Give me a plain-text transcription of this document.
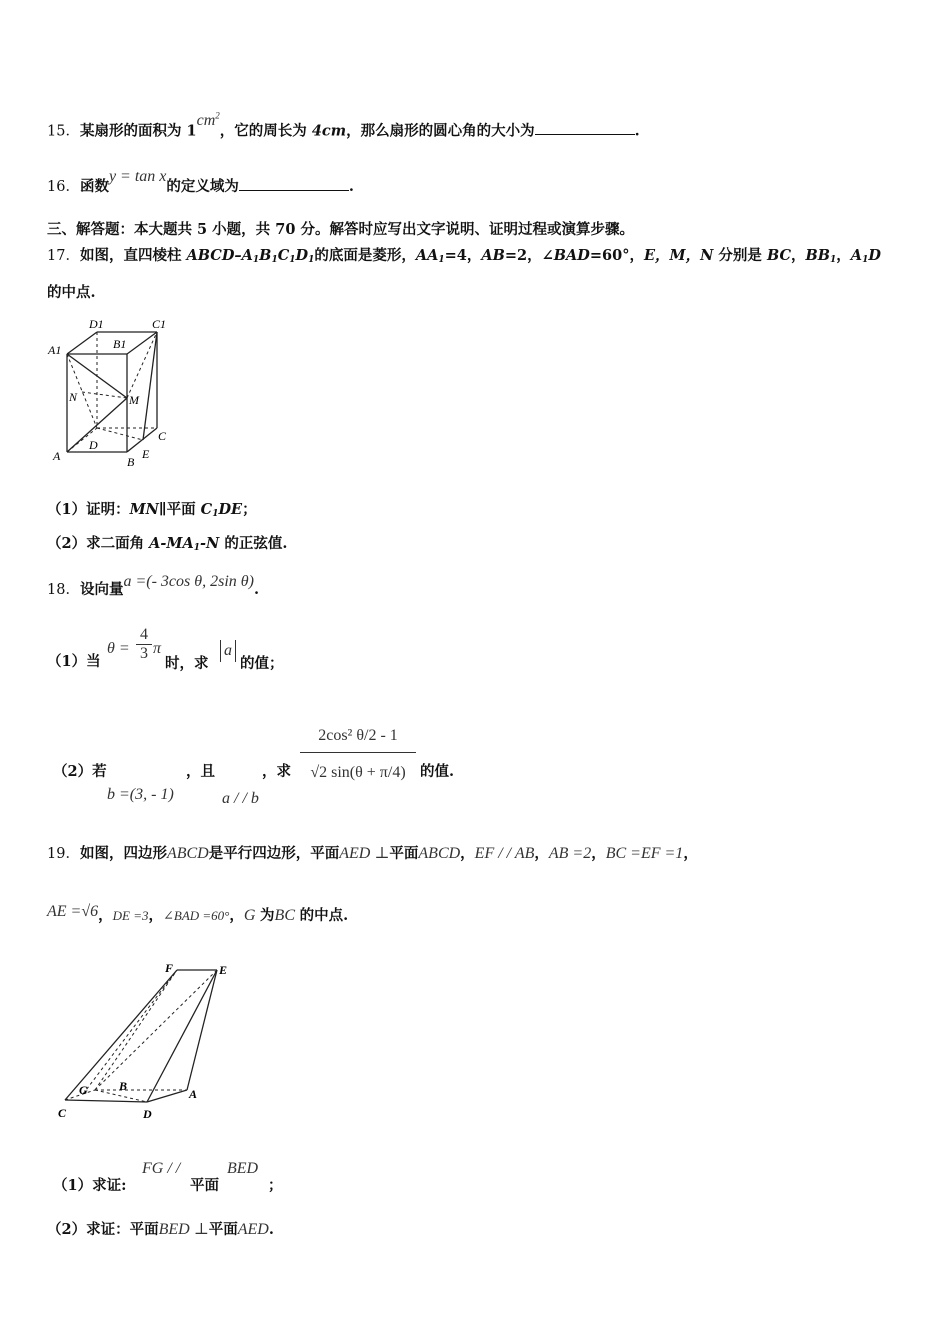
15．某扇形的面积为 $1cm^2$，它的周长为 4cm，那么扇形的圆心角的大小为	.
16．函数y = tan x的定义域为	.
三、解答题：本大题共 5 小题，共 70 分。解答时应写出文字说明、证明过程或演算步骤。
17．如图，直四棱柱 ABCD–$A_1B_1C_1D_1$的底面是菱形，$AA_1=4$，AB=2，∠BAD=60°，E，M，N 分别是 BC，$BB_1$，$A_1D$
的中点.
D1	C1
A1	B1
N	M
D
C
A	B
E
（1）证明：MN∥平面 $C_1DE$；
（2）求二面角 $A-MA_1-N$ 的正弦值.
18．设向量a =(- 3cos θ, 2sin θ).
（1）当
$\theta = \frac{4}{3}$ π
时，求
a
的值；
（2）若
b =(3, - 1)
，且
a / / b
，求
2cos² θ/2 - 1
√2 sin(θ + π/4) 的值.
19．如图，四边形ABCD是平行四边形，平面AED ⊥平面ABCD，EF / / AB，AB =2，BC =EF =1，
AE =√6，DE =3，∠BAD =60°，G 为BC 的中点.
F	E
G	B
A
C	D
（1）求证:
FG / /
平面
BED
；
（2）求证：平面BED ⊥平面AED.
